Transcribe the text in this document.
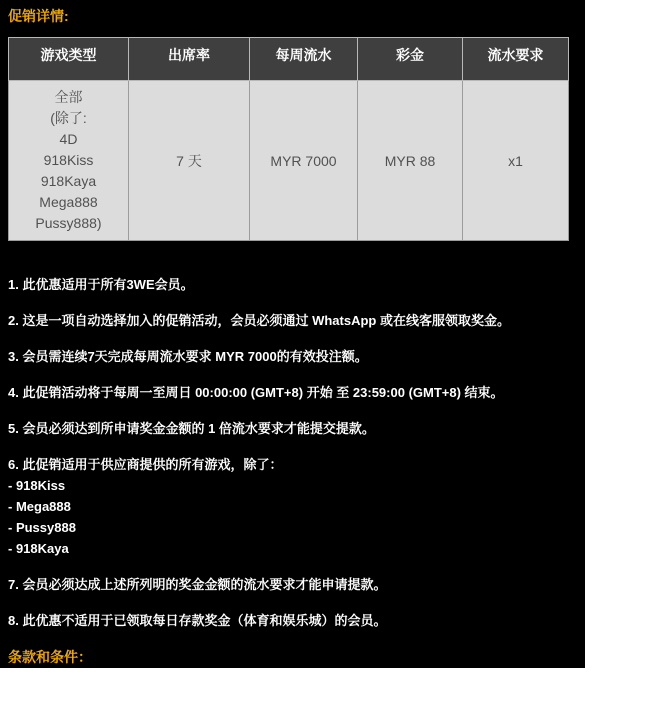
促销详情:
游戏类型	出席率	每周流水	彩金	流水要求

全部
(除了:
4D
918Kiss
918Kaya
Mega888
Pussy888)
	7 天	MYR 7000	MYR 88	x1

1. 此优惠适用于所有3WE会员。

2. 这是一项自动选择加入的促销活动，会员必须通过 WhatsApp 或在线客服领取奖金。

3. 会员需连续7天完成每周流水要求 MYR 7000的有效投注额。

4. 此促销活动将于每周一至周日 00:00:00 (GMT+8) 开始 至 23:59:00 (GMT+8) 结束。

5. 会员必须达到所申请奖金金额的 1 倍流水要求才能提交提款。

6. 此促销适用于供应商提供的所有游戏，除了：

- 918Kiss

- Mega888

- Pussy888

- 918Kaya

7. 会员必须达成上述所列明的奖金金额的流水要求才能申请提款。

8. 此优惠不适用于已领取每日存款奖金（体育和娱乐城）的会员。

条款和条件：
